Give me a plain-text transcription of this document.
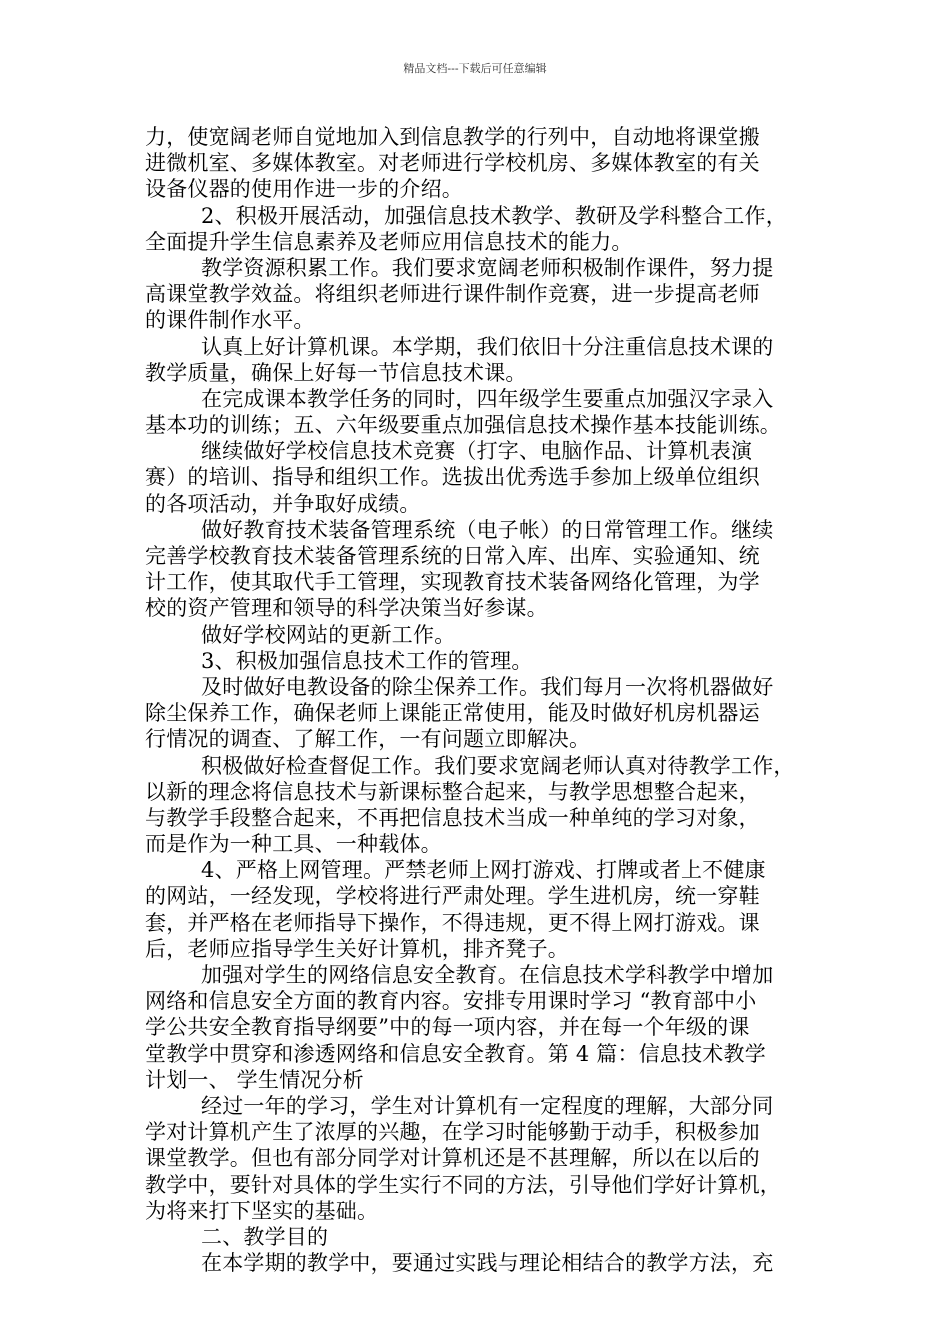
精品文档---下载后可任意编辑
力，使宽阔老师自觉地加入到信息教学的行列中，自动地将课堂搬
进微机室、多媒体教室。对老师进行学校机房、多媒体教室的有关
设备仪器的使用作进一步的介绍。
2、积极开展活动，加强信息技术教学、教研及学科整合工作，
全面提升学生信息素养及老师应用信息技术的能力。
教学资源积累工作。我们要求宽阔老师积极制作课件，努力提
高课堂教学效益。将组织老师进行课件制作竞赛，进一步提高老师
的课件制作水平。
认真上好计算机课。本学期，我们依旧十分注重信息技术课的
教学质量，确保上好每一节信息技术课。
在完成课本教学任务的同时，四年级学生要重点加强汉字录入
基本功的训练；五、六年级要重点加强信息技术操作基本技能训练。
继续做好学校信息技术竞赛（打字、电脑作品、计算机表演
赛）的培训、指导和组织工作。选拔出优秀选手参加上级单位组织
的各项活动，并争取好成绩。
做好教育技术装备管理系统（电子帐）的日常管理工作。继续
完善学校教育技术装备管理系统的日常入库、出库、实验通知、统
计工作，使其取代手工管理，实现教育技术装备网络化管理，为学
校的资产管理和领导的科学决策当好参谋。
做好学校网站的更新工作。
3、积极加强信息技术工作的管理。
及时做好电教设备的除尘保养工作。我们每月一次将机器做好
除尘保养工作，确保老师上课能正常使用，能及时做好机房机器运
行情况的调查、了解工作，一有问题立即解决。
积极做好检查督促工作。我们要求宽阔老师认真对待教学工作，
以新的理念将信息技术与新课标整合起来，与教学思想整合起来，
与教学手段整合起来，不再把信息技术当成一种单纯的学习对象，
而是作为一种工具、一种载体。
4、严格上网管理。严禁老师上网打游戏、打牌或者上不健康
的网站，一经发现，学校将进行严肃处理。学生进机房，统一穿鞋
套，并严格在老师指导下操作，不得违规，更不得上网打游戏。课
后，老师应指导学生关好计算机，排齐凳子。
加强对学生的网络信息安全教育。在信息技术学科教学中增加
网络和信息安全方面的教育内容。安排专用课时学习 “教育部中小
学公共安全教育指导纲要”中的每一项内容，并在每一个年级的课
堂教学中贯穿和渗透网络和信息安全教育。第 4 篇：信息技术教学
计划一、 学生情况分析
经过一年的学习，学生对计算机有一定程度的理解，大部分同
学对计算机产生了浓厚的兴趣，在学习时能够勤于动手，积极参加
课堂教学。但也有部分同学对计算机还是不甚理解，所以在以后的
教学中，要针对具体的学生实行不同的方法，引导他们学好计算机，
为将来打下坚实的基础。
二、教学目的
在本学期的教学中，要通过实践与理论相结合的教学方法，充
